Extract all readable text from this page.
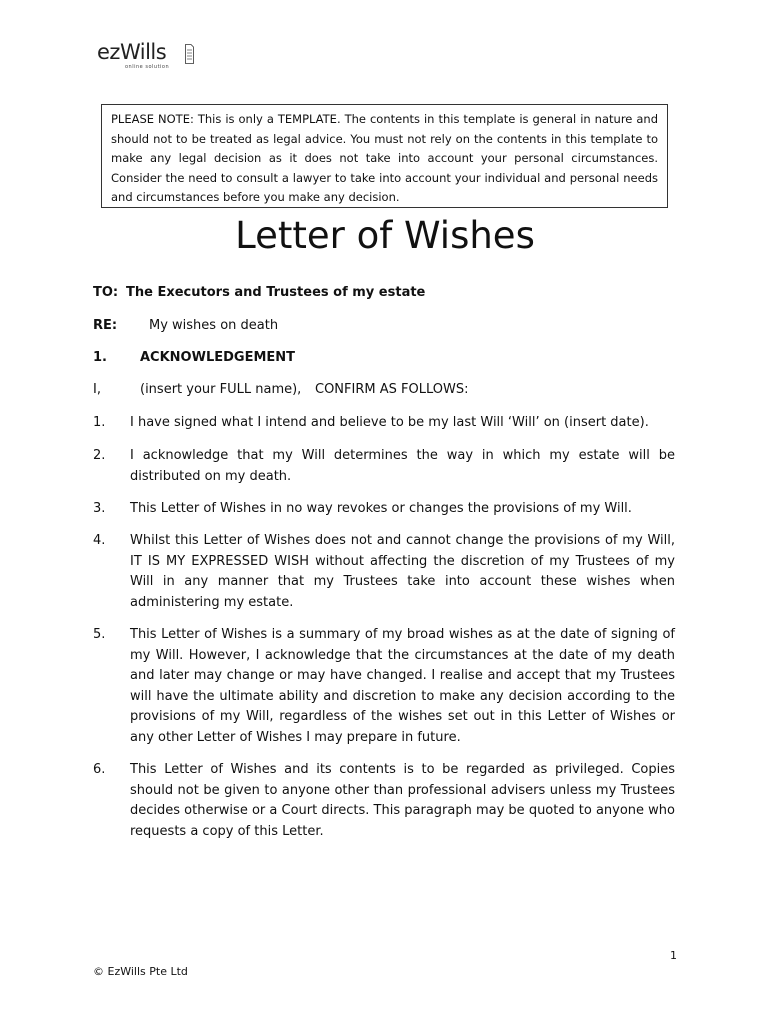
ezWills
online solution
PLEASE NOTE: This is only a TEMPLATE. The contents in this template is general in nature and should not to be treated as legal advice. You must not rely on the contents in this template to make any legal decision as it does not take into account your personal circumstances. Consider the need to consult a lawyer to take into account your individual and personal needs and circumstances before you make any decision.
Letter of Wishes
TO: The Executors and Trustees of my estate
RE: My wishes on death
1.	ACKNOWLEDGEMENT
I,	(insert your FULL name), CONFIRM AS FOLLOWS:
1. I have signed what I intend and believe to be my last Will ‘Will’ on (insert date).
2. I acknowledge that my Will determines the way in which my estate will be distributed on my death.
3. This Letter of Wishes in no way revokes or changes the provisions of my Will.
4. Whilst this Letter of Wishes does not and cannot change the provisions of my Will, IT IS MY EXPRESSED WISH without affecting the discretion of my Trustees of my Will in any manner that my Trustees take into account these wishes when administering my estate.
5. This Letter of Wishes is a summary of my broad wishes as at the date of signing of my Will. However, I acknowledge that the circumstances at the date of my death and later may change or may have changed. I realise and accept that my Trustees will have the ultimate ability and discretion to make any decision according to the provisions of my Will, regardless of the wishes set out in this Letter of Wishes or any other Letter of Wishes I may prepare in future.
6. This Letter of Wishes and its contents is to be regarded as privileged. Copies should not be given to anyone other than professional advisers unless my Trustees decides otherwise or a Court directs. This paragraph may be quoted to anyone who requests a copy of this Letter.
1
© EzWills Pte Ltd
